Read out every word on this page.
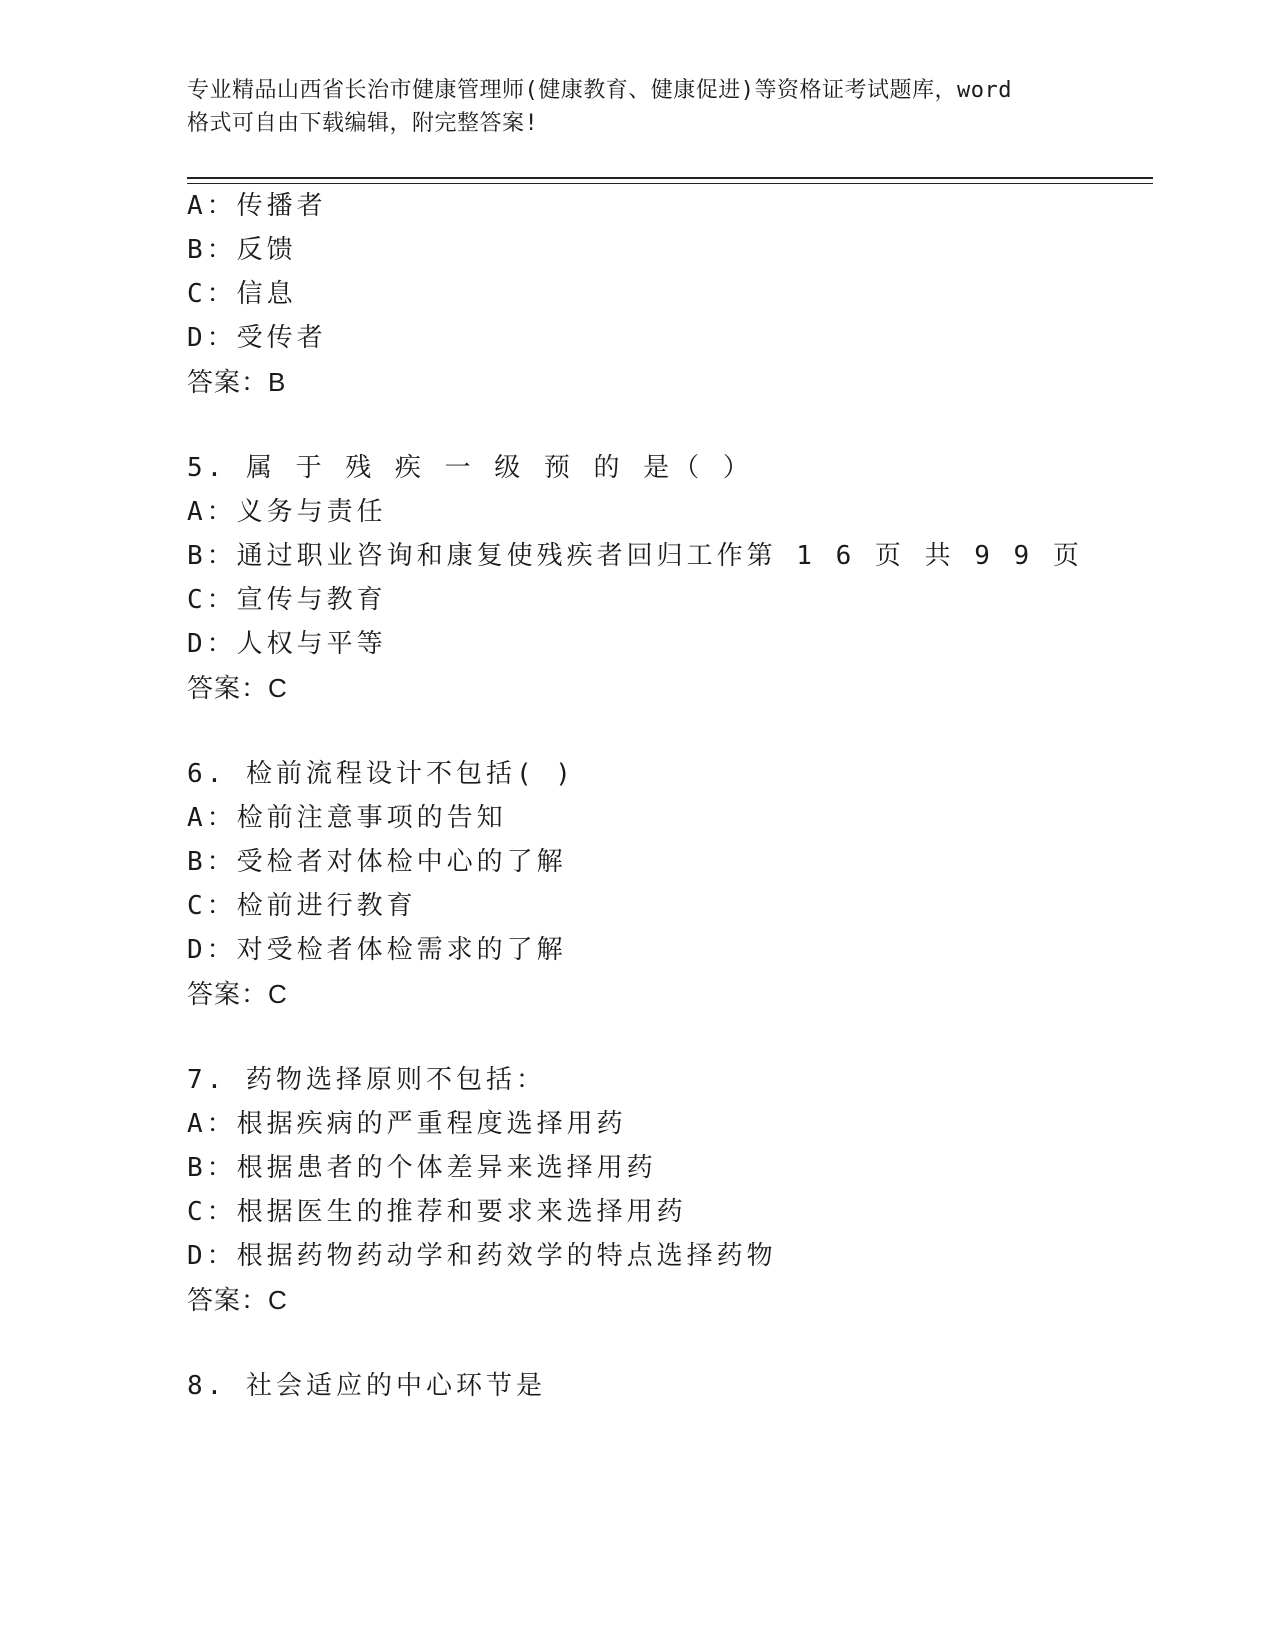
专业精品山西省长治市健康管理师(健康教育、健康促进)等资格证考试题库，word
格式可自由下载编辑，附完整答案!
A：传播者
B：反馈
C：信息
D：受传者
答案：B
5. 属 于 残 疾 一 级 预 的 是（ ）
A：义务与责任
B：通过职业咨询和康复使残疾者回归工作第 1 6 页 共 9 9 页
C：宣传与教育
D：人权与平等
答案：C
6. 检前流程设计不包括( )
A：检前注意事项的告知
B：受检者对体检中心的了解
C：检前进行教育
D：对受检者体检需求的了解
答案：C
7. 药物选择原则不包括：
A：根据疾病的严重程度选择用药
B：根据患者的个体差异来选择用药
C：根据医生的推荐和要求来选择用药
D：根据药物药动学和药效学的特点选择药物
答案：C
8. 社会适应的中心环节是
